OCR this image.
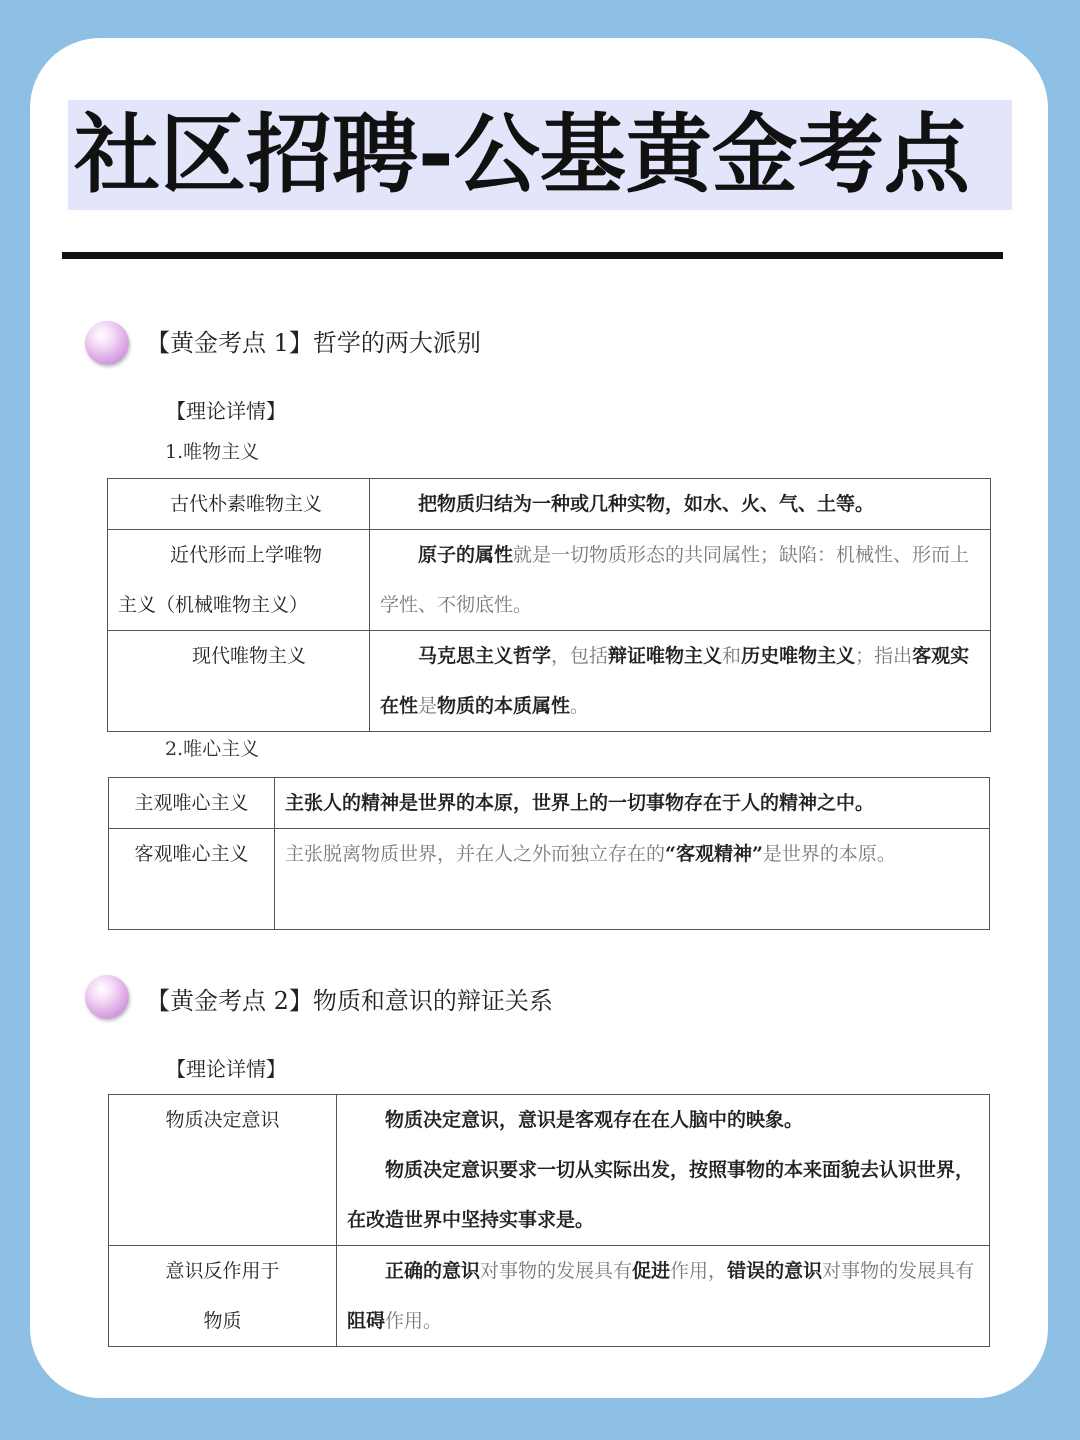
社区招聘-公基黄金考点
【黄金考点 1】哲学的两大派别
【理论详情】
1.唯物主义
古代朴素唯物主义	把物质归结为一种或几种实物，如水、火、气、土等。

近代形而上学唯物
主义（机械唯物主义）	原子的属性就是一切物质形态的共同属性；缺陷：机械性、形而上学性、不彻底性。
现代唯物主义	马克思主义哲学，包括辩证唯物主义和历史唯物主义；指出客观实在性是物质的本质属性。
2.唯心主义
主观唯心主义	主张人的精神是世界的本原，世界上的一切事物存在于人的精神之中。
客观唯心主义	主张脱离物质世界，并在人之外而独立存在的“客观精神”是世界的本原。
【黄金考点 2】物质和意识的辩证关系
【理论详情】
物质决定意识	物质决定意识，意识是客观存在在人脑中的映象。
物质决定意识要求一切从实际出发，按照事物的本来面貌去认识世界，在改造世界中坚持实事求是。

意识反作用于
物质	正确的意识对事物的发展具有促进作用，错误的意识对事物的发展具有阻碍作用。
